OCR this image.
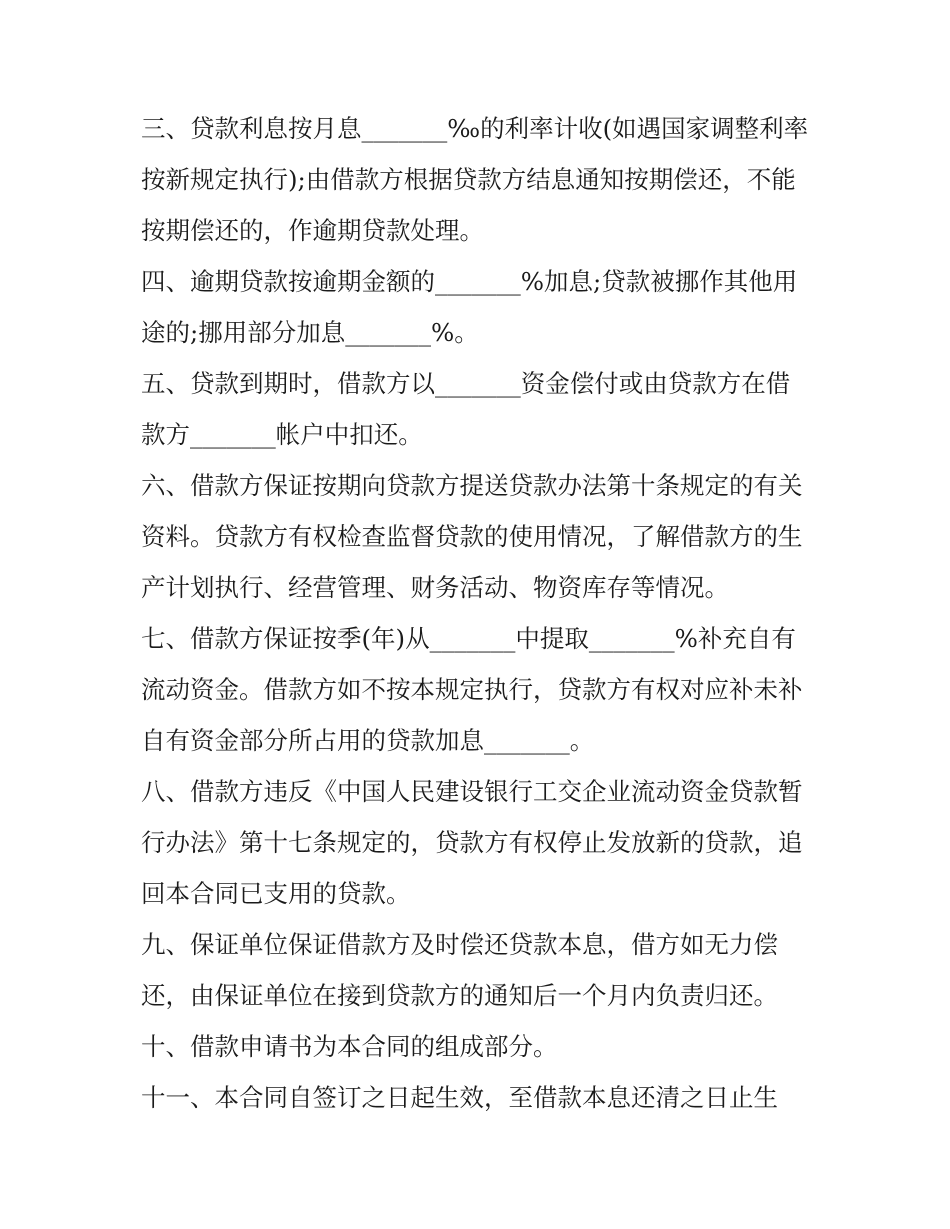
三、贷款利息按月息_______‰的利率计收(如遇国家调整利率
按新规定执行);由借款方根据贷款方结息通知按期偿还，不能
按期偿还的，作逾期贷款处理。
四、逾期贷款按逾期金额的_______%加息;贷款被挪作其他用
途的;挪用部分加息_______%。
五、贷款到期时，借款方以_______资金偿付或由贷款方在借
款方_______帐户中扣还。
六、借款方保证按期向贷款方提送贷款办法第十条规定的有关
资料。贷款方有权检查监督贷款的使用情况，了解借款方的生
产计划执行、经营管理、财务活动、物资库存等情况。
七、借款方保证按季(年)从_______中提取_______%补充自有
流动资金。借款方如不按本规定执行，贷款方有权对应补未补
自有资金部分所占用的贷款加息_______。
八、借款方违反《中国人民建设银行工交企业流动资金贷款暂
行办法》第十七条规定的，贷款方有权停止发放新的贷款，追
回本合同已支用的贷款。
九、保证单位保证借款方及时偿还贷款本息，借方如无力偿
还，由保证单位在接到贷款方的通知后一个月内负责归还。
十、借款申请书为本合同的组成部分。
十一、本合同自签订之日起生效，至借款本息还清之日止生
